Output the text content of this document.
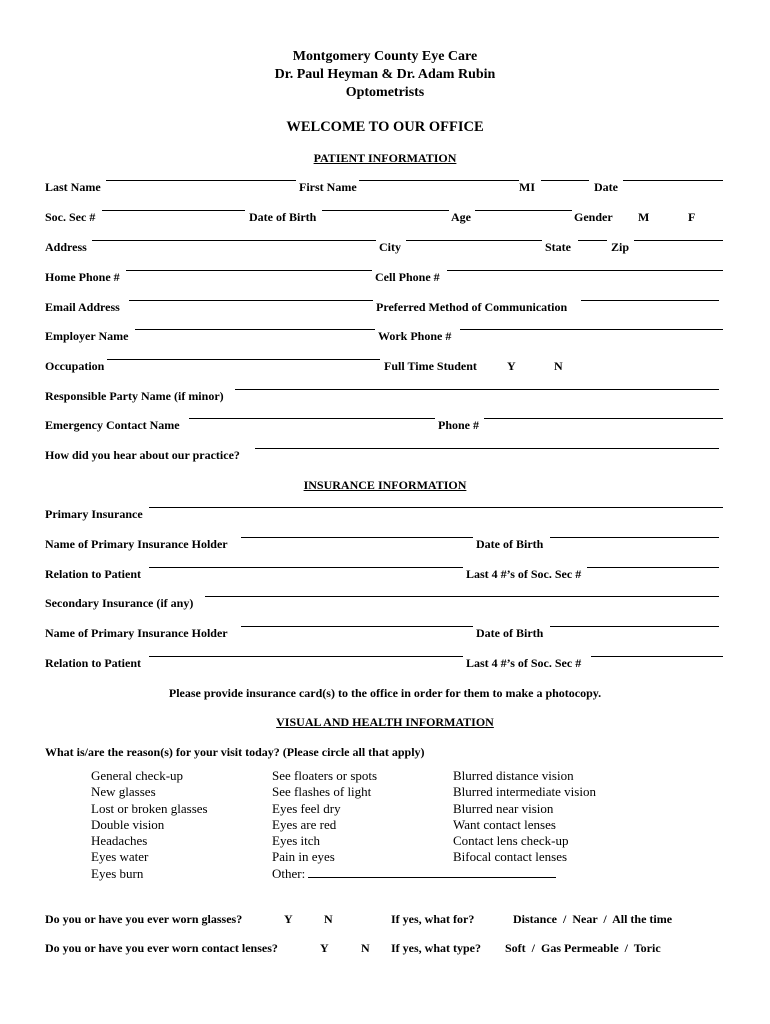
Montgomery County Eye Care
Dr. Paul Heyman & Dr. Adam Rubin
Optometrists
WELCOME TO OUR OFFICE
PATIENT INFORMATION
Last Name	First Name	MI	Date
Soc. Sec #	Date of Birth	Age	Gender M	F
Address	City	State	Zip
Home Phone #	Cell Phone #
Email Address	Preferred Method of Communication
Employer Name	Work Phone #
Occupation	Full Time Student	Y	N
Responsible Party Name (if minor)
Emergency Contact Name	Phone #
How did you hear about our practice?
INSURANCE INFORMATION
Primary Insurance
Name of Primary Insurance Holder	Date of Birth
Relation to Patient	Last 4 #’s of Soc. Sec #
Secondary Insurance (if any)
Name of Primary Insurance Holder	Date of Birth
Relation to Patient	Last 4 #’s of Soc. Sec #
Please provide insurance card(s) to the office in order for them to make a photocopy.
VISUAL AND HEALTH INFORMATION
What is/are the reason(s) for your visit today? (Please circle all that apply)
General check-up
New glasses
Lost or broken glasses
Double vision
Headaches
Eyes water
Eyes burn
See floaters or spots
See flashes of light
Eyes feel dry
Eyes are red
Eyes itch
Pain in eyes
Other:
Blurred distance vision
Blurred intermediate vision
Blurred near vision
Want contact lenses
Contact lens check-up
Bifocal contact lenses
Do you or have you ever worn glasses?	Y	N	If yes, what for?	Distance  /  Near  /  All the time
Do you or have you ever worn contact lenses?	Y	N If yes, what type? Soft  /  Gas Permeable  /  Toric
